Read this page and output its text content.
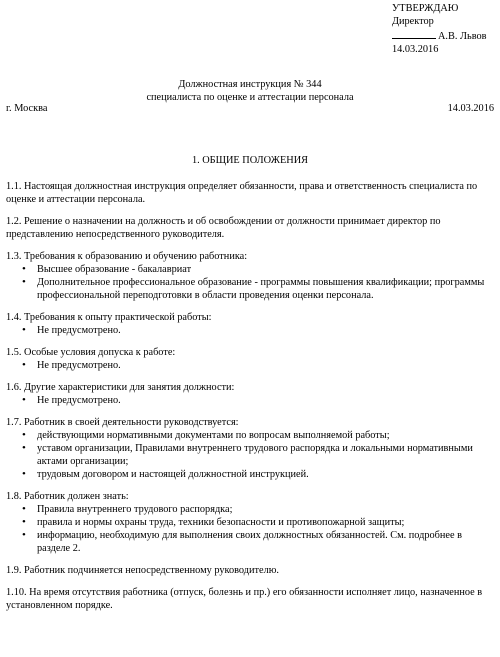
УТВЕРЖДАЮ
Директор
А.В. Львов
14.03.2016
Должностная инструкция № 344
специалиста по оценке и аттестации персонала
г. Москва	14.03.2016
1. ОБЩИЕ ПОЛОЖЕНИЯ

1.1. Настоящая должностная инструкция определяет обязанности, права и ответственность специалиста по оценке и аттестации персонала.

1.2. Решение о назначении на должность и об освобождении от должности принимает директор по представлению непосредственного руководителя.

1.3. Требования к образованию и обучению работника:

• Высшее образование - бакалавриат
• Дополнительное профессиональное образование - программы повышения квалификации; программы профессиональной переподготовки в области проведения оценки персонала.

1.4. Требования к опыту практической работы:

• Не предусмотрено.

1.5. Особые условия допуска к работе:

• Не предусмотрено.

1.6. Другие характеристики для занятия должности:

• Не предусмотрено.

1.7. Работник в своей деятельности руководствуется:

• действующими нормативными документами по вопросам выполняемой работы;
• уставом организации, Правилами внутреннего трудового распорядка и локальными нормативными актами организации;
• трудовым договором и настоящей должностной инструкцией.

1.8. Работник должен знать:

• Правила внутреннего трудового распорядка;
• правила и нормы охраны труда, техники безопасности и противопожарной защиты;
• информацию, необходимую для выполнения своих должностных обязанностей. См. подробнее в разделе 2.

1.9. Работник подчиняется непосредственному руководителю.

1.10. На время отсутствия работника (отпуск, болезнь и пр.) его обязанности исполняет лицо, назначенное в установленном порядке.
